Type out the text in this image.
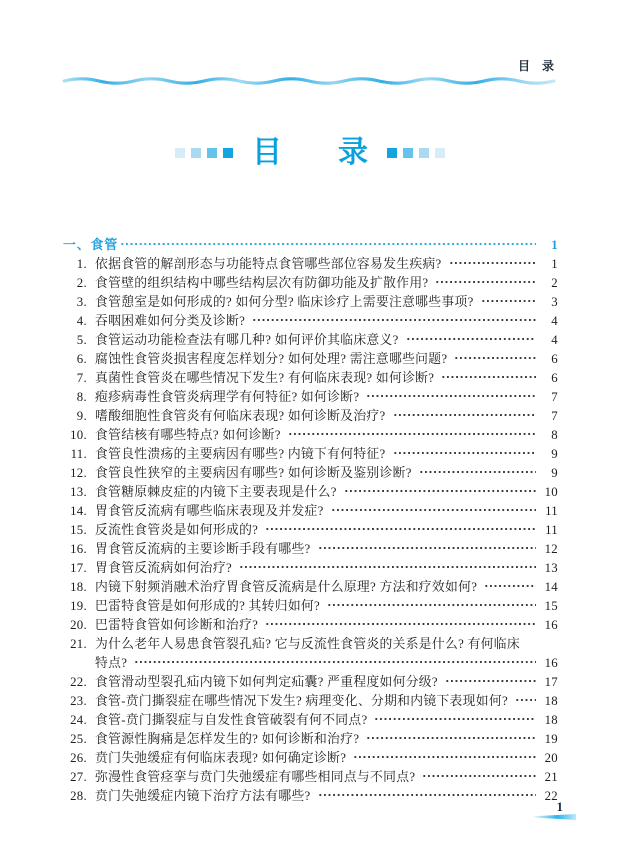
目  录
目 录
一、食管	1
1. 依据食管的解剖形态与功能特点食管哪些部位容易发生疾病?	1
2. 食管壁的组织结构中哪些结构层次有防御功能及扩散作用?	2
3. 食管憩室是如何形成的? 如何分型? 临床诊疗上需要注意哪些事项?	3
4. 吞咽困难如何分类及诊断?	4
5. 食管运动功能检查法有哪几种? 如何评价其临床意义?	4
6. 腐蚀性食管炎损害程度怎样划分? 如何处理? 需注意哪些问题?	6
7. 真菌性食管炎在哪些情况下发生? 有何临床表现? 如何诊断?	6
8. 疱疹病毒性食管炎病理学有何特征? 如何诊断?	7
9. 嗜酸细胞性食管炎有何临床表现? 如何诊断及治疗?	7
10. 食管结核有哪些特点? 如何诊断?	8
11. 食管良性溃疡的主要病因有哪些? 内镜下有何特征?	9
12. 食管良性狭窄的主要病因有哪些? 如何诊断及鉴别诊断?	9
13. 食管糖原棘皮症的内镜下主要表现是什么?	10
14. 胃食管反流病有哪些临床表现及并发症?	11
15. 反流性食管炎是如何形成的?	11
16. 胃食管反流病的主要诊断手段有哪些?	12
17. 胃食管反流病如何治疗?	13
18. 内镜下射频消融术治疗胃食管反流病是什么原理? 方法和疗效如何?	14
19. 巴雷特食管是如何形成的? 其转归如何?	15
20. 巴雷特食管如何诊断和治疗?	16
21. 为什么老年人易患食管裂孔疝? 它与反流性食管炎的关系是什么? 有何临床
特点?	16
22. 食管滑动型裂孔疝内镜下如何判定疝囊? 严重程度如何分级?	17
23. 食管-贲门撕裂症在哪些情况下发生? 病理变化、分期和内镜下表现如何?	18
24. 食管-贲门撕裂症与自发性食管破裂有何不同点?	18
25. 食管源性胸痛是怎样发生的? 如何诊断和治疗?	19
26. 贲门失弛缓症有何临床表现? 如何确定诊断?	20
27. 弥漫性食管痉挛与贲门失弛缓症有哪些相同点与不同点?	21
28. 贲门失弛缓症内镜下治疗方法有哪些?	22
1
